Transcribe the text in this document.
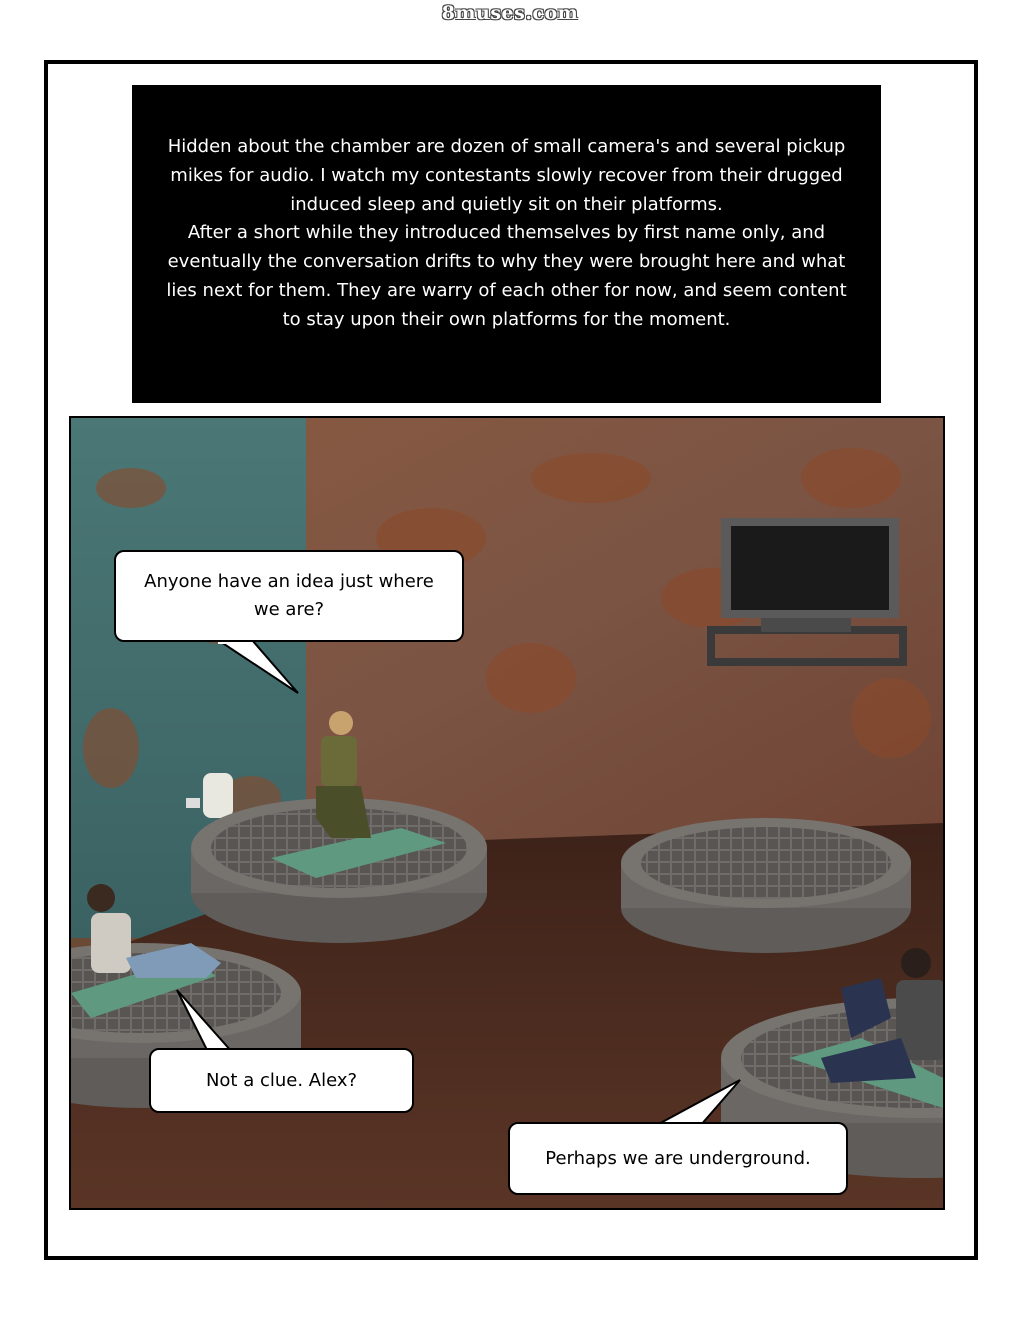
8muses.com

Hidden about the chamber are dozen of small camera's and several pickup

mikes for audio. I watch my contestants slowly recover from their drugged

induced sleep and quietly sit on their platforms.

After a short while they introduced themselves by first name only, and

eventually the conversation drifts to why they were brought here and what

lies next for them. They are warry of each other for now, and seem content

to stay upon their own platforms for the moment.

Anyone have an idea just where
we are?
Not a clue. Alex?
Perhaps we are underground.
